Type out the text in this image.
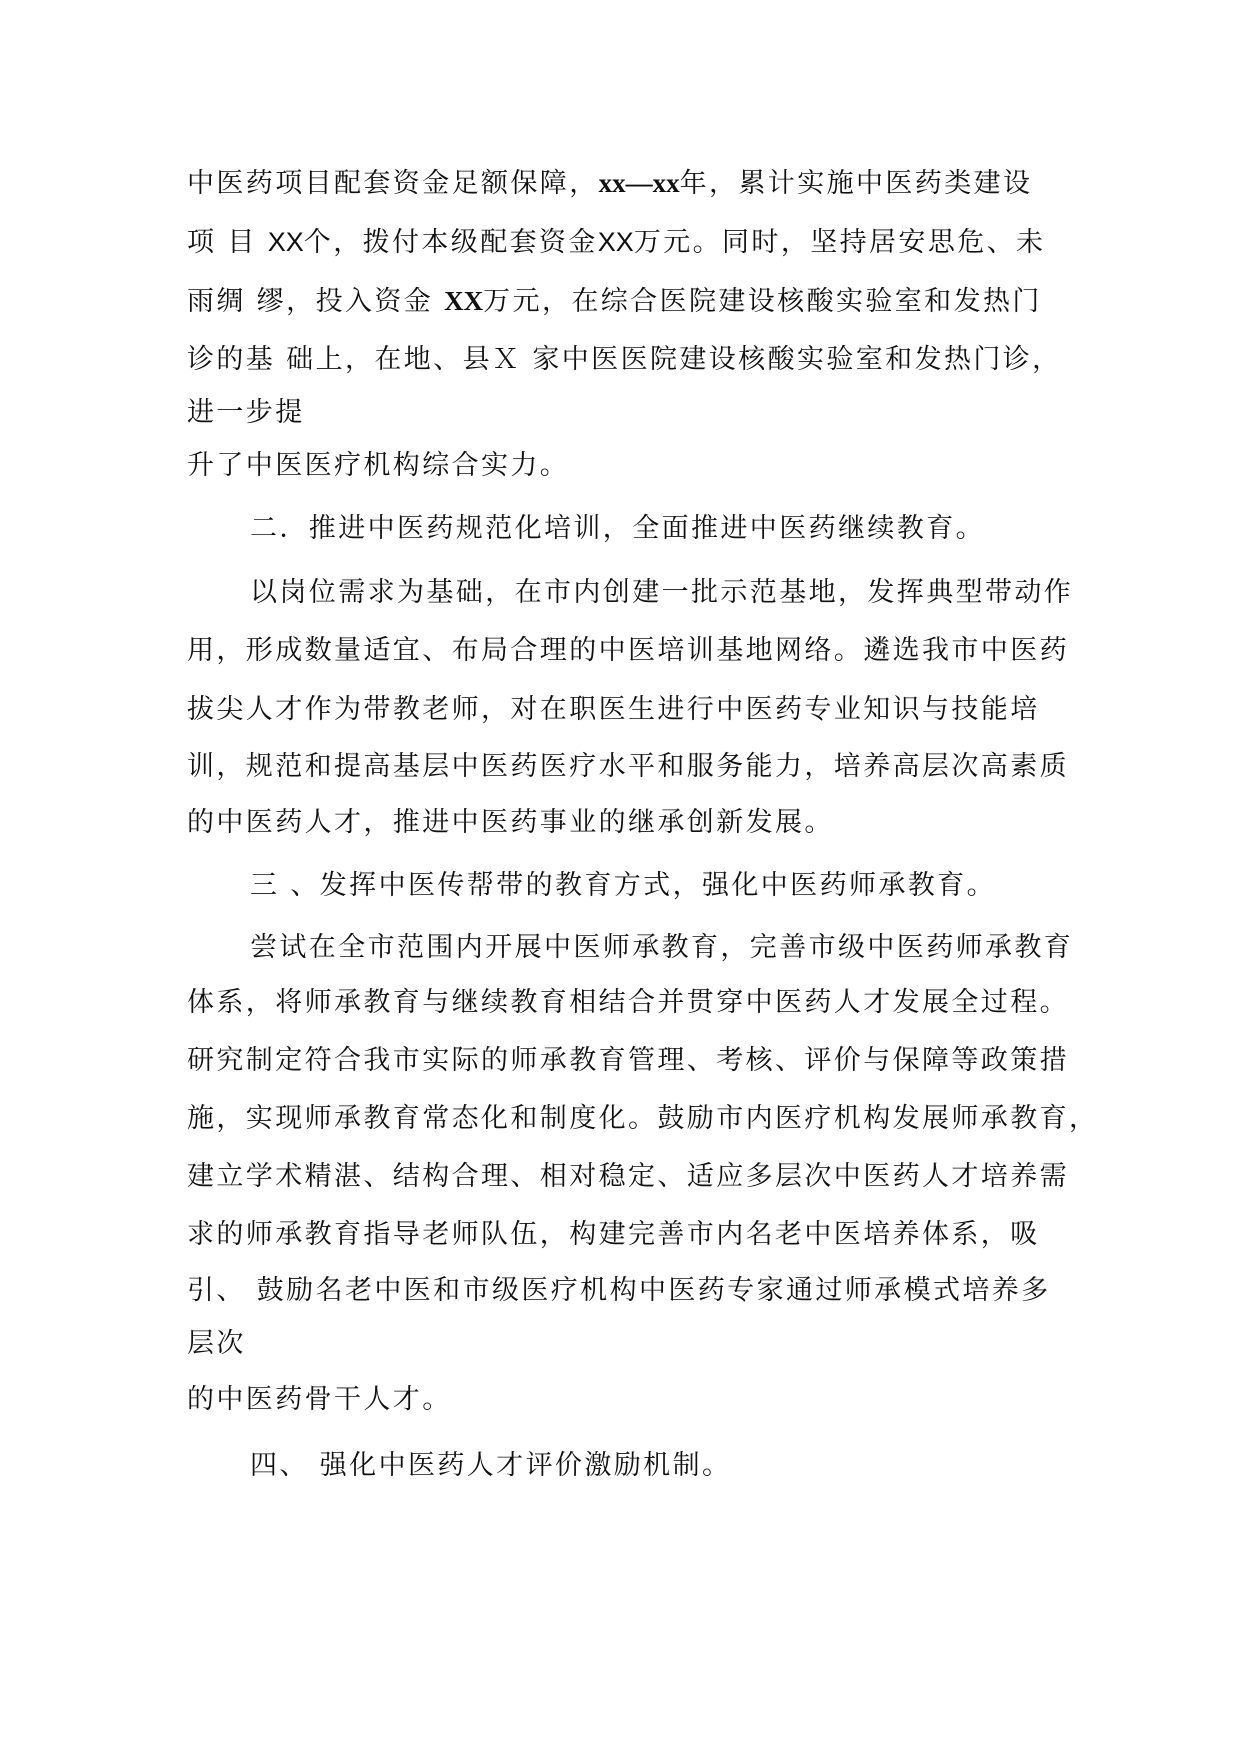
中医药项目配套资金足额保障，xx—xx年，累计实施中医药类建设
项 目 XX个，拨付本级配套资金XX万元。同时，坚持居安思危、未
雨绸 缪，投入资金 XX万元，在综合医院建设核酸实验室和发热门
诊的基 础上，在地、县Ｘ 家中医医院建设核酸实验室和发热门诊，
进一步提
升了中医医疗机构综合实力。
二．推进中医药规范化培训，全面推进中医药继续教育。
以岗位需求为基础，在市内创建一批示范基地，发挥典型带动作
用，形成数量适宜、布局合理的中医培训基地网络。遴选我市中医药
拔尖人才作为带教老师，对在职医生进行中医药专业知识与技能培
训，规范和提高基层中医药医疗水平和服务能力，培养高层次高素质
的中医药人才，推进中医药事业的继承创新发展。
三 、发挥中医传帮带的教育方式，强化中医药师承教育。
尝试在全市范围内开展中医师承教育，完善市级中医药师承教育
体系，将师承教育与继续教育相结合并贯穿中医药人才发展全过程。
研究制定符合我市实际的师承教育管理、考核、评价与保障等政策措
施，实现师承教育常态化和制度化。鼓励市内医疗机构发展师承教育，
建立学术精湛、结构合理、相对稳定、适应多层次中医药人才培养需
求的师承教育指导老师队伍，构建完善市内名老中医培养体系，吸
引、 鼓励名老中医和市级医疗机构中医药专家通过师承模式培养多
层次
的中医药骨干人才。
四、 强化中医药人才评价激励机制。
